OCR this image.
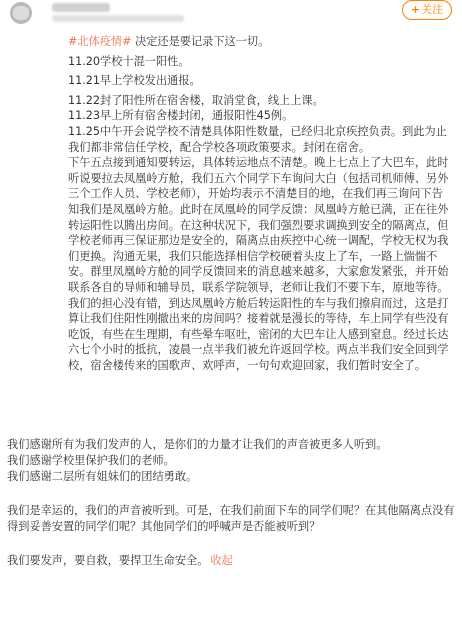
+关注

#北体疫情# 决定还是要记录下这一切。

11.20学校十混一阳性。

11.21早上学校发出通报。

11.22封了阳性所在宿舍楼，取消堂食，线上上课。

11.23早上所有宿舍楼封闭，通报阳性45例。

11.25中午开会说学校不清楚具体阳性数量，已经归北京疾控负责。到此为止我们都非常信任学校，配合学校各项政策要求。封闭在宿舍。

下午五点接到通知要转运，具体转运地点不清楚。晚上七点上了大巴车，此时听说要拉去凤凰岭方舱，我们五六个同学下车询问大白（包括司机师傅、另外三个工作人员、学校老师），开始均表示不清楚目的地，在我们再三询问下告知我们是凤凰岭方舱。此时在凤凰岭的同学反馈：凤凰岭方舱已满，正在往外转运阳性以腾出房间。在这种状况下，我们强烈要求调换到安全的隔离点，但学校老师再三保证那边是安全的，隔离点由疾控中心统一调配，学校无权为我们更换。沟通无果，我们只能选择相信学校硬着头皮上了车，一路上惴惴不安。群里凤凰岭方舱的同学反馈回来的消息越来越多，大家愈发紧张，并开始联系各自的导师和辅导员，联系学院领导，老师让我们不要下车，原地等待。我们的担心没有错，到达凤凰岭方舱后转运阳性的车与我们擦肩而过，这是打算让我们住阳性刚撤出来的房间吗？接着就是漫长的等待，车上同学有些没有吃饭，有些在生理期，有些晕车呕吐，密闭的大巴车让人感到窒息。经过长达六七个小时的抵抗，凌晨一点半我们被允许返回学校。两点半我们安全回到学校，宿舍楼传来的国歌声、欢呼声，一句句欢迎回家，我们暂时安全了。

我们感谢所有为我们发声的人，是你们的力量才让我们的声音被更多人听到。

我们感谢学校里保护我们的老师。

我们感谢二层所有姐妹们的团结勇敢。

我们是幸运的，我们的声音被听到。可是，在我们前面下车的同学们呢？在其他隔离点没有得到妥善安置的同学们呢？其他同学们的呼喊声是否能被听到？

我们要发声，要自救，要捍卫生命安全。 收起
